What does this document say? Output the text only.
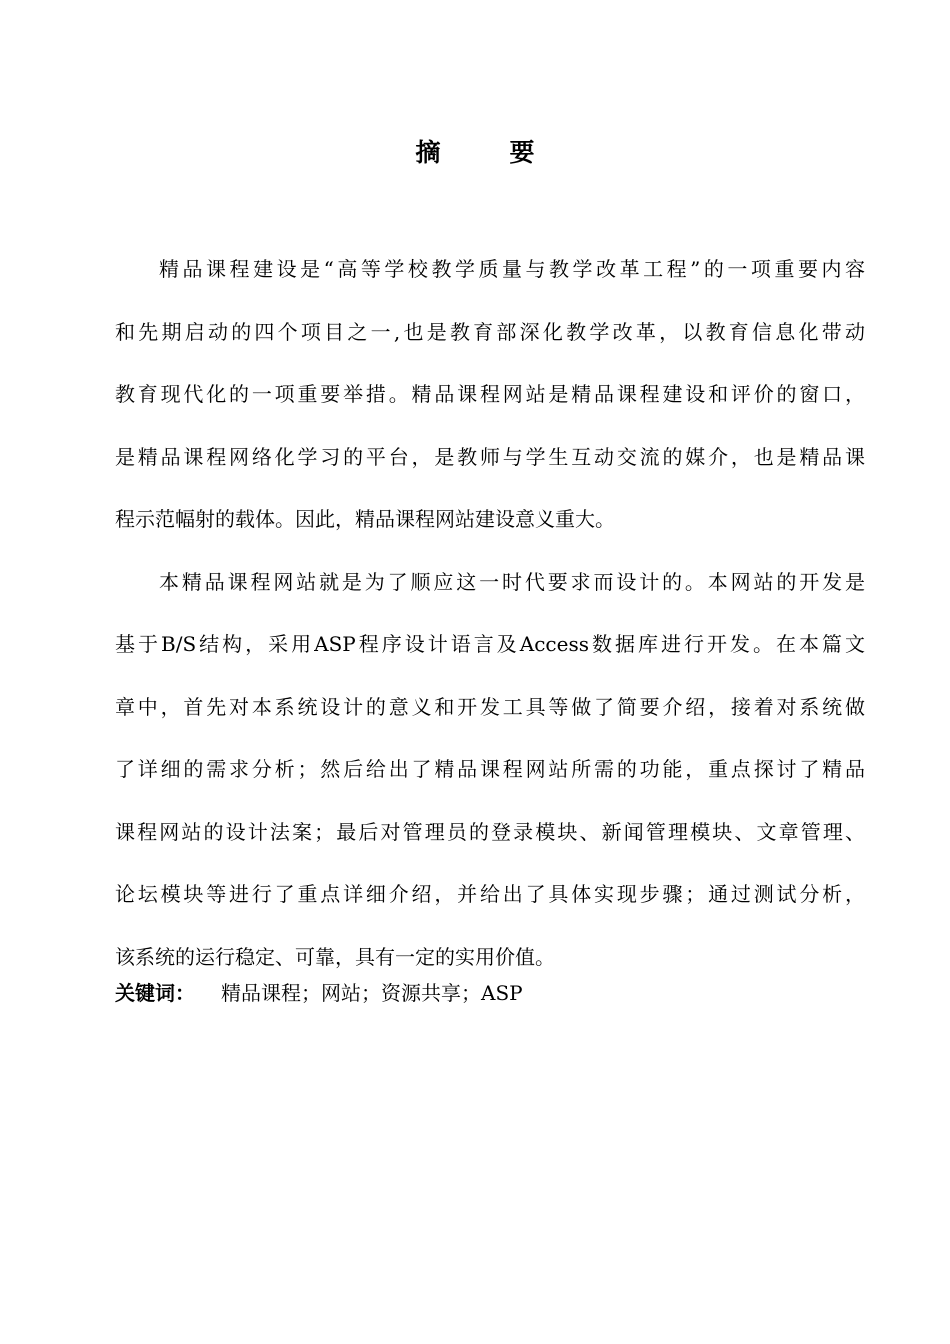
摘　要

精品课程建设是“高等学校教学质量与教学改革工程”的一项重要内容
和先期启动的四个项目之一,也是教育部深化教学改革，以教育信息化带动
教育现代化的一项重要举措。精品课程网站是精品课程建设和评价的窗口，
是精品课程网络化学习的平台，是教师与学生互动交流的媒介，也是精品课
程示范幅射的载体。因此，精品课程网站建设意义重大。

本精品课程网站就是为了顺应这一时代要求而设计的。本网站的开发是
基于B/S结构，采用ASP程序设计语言及Access数据库进行开发。在本篇文
章中，首先对本系统设计的意义和开发工具等做了简要介绍，接着对系统做
了详细的需求分析；然后给出了精品课程网站所需的功能，重点探讨了精品
课程网站的设计法案；最后对管理员的登录模块、新闻管理模块、文章管理、
论坛模块等进行了重点详细介绍，并给出了具体实现步骤；通过测试分析，
该系统的运行稳定、可靠，具有一定的实用价值。

关键词： 精品课程；网站；资源共享；ASP
